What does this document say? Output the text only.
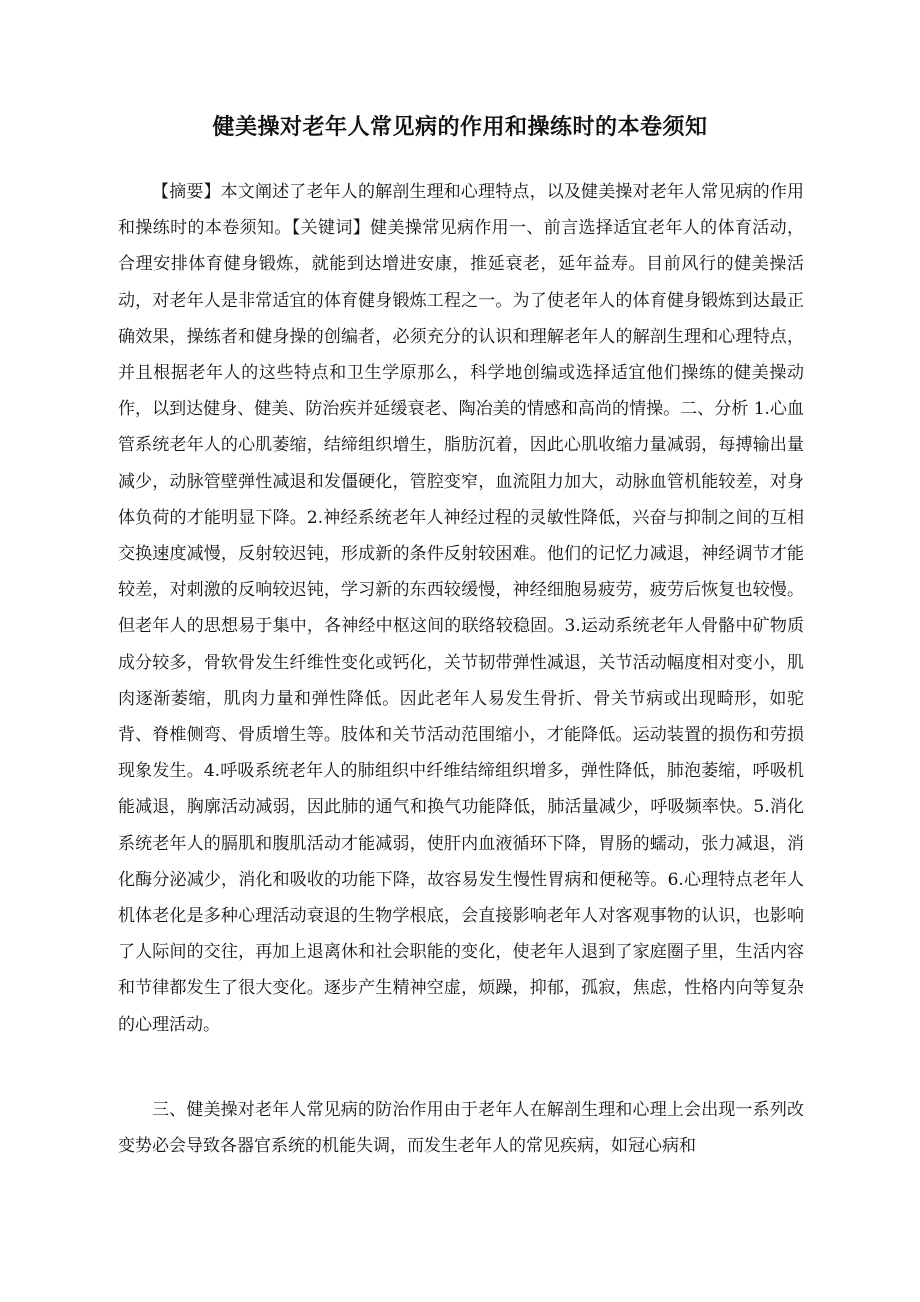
健美操对老年人常见病的作用和操练时的本卷须知

【摘要】本文阐述了老年人的解剖生理和心理特点，以及健美操对老年人常见病的作用和操练时的本卷须知。【关键词】健美操常见病作用一、前言选择适宜老年人的体育活动，合理安排体育健身锻炼，就能到达增进安康，推延衰老，延年益寿。目前风行的健美操活动，对老年人是非常适宜的体育健身锻炼工程之一。为了使老年人的体育健身锻炼到达最正确效果，操练者和健身操的创编者，必须充分的认识和理解老年人的解剖生理和心理特点，并且根据老年人的这些特点和卫生学原那么，科学地创编或选择适宜他们操练的健美操动作，以到达健身、健美、防治疾并延缓衰老、陶冶美的情感和高尚的情操。二、分析 1.心血管系统老年人的心肌萎缩，结缔组织增生，脂肪沉着，因此心肌收缩力量减弱，每搏输出量减少，动脉管壁弹性减退和发僵硬化，管腔变窄，血流阻力加大，动脉血管机能较差，对身体负荷的才能明显下降。2.神经系统老年人神经过程的灵敏性降低，兴奋与抑制之间的互相交换速度减慢，反射较迟钝，形成新的条件反射较困难。他们的记忆力减退，神经调节才能较差，对刺激的反响较迟钝，学习新的东西较缓慢，神经细胞易疲劳，疲劳后恢复也较慢。但老年人的思想易于集中，各神经中枢这间的联络较稳固。3.运动系统老年人骨骼中矿物质成分较多，骨软骨发生纤维性变化或钙化，关节韧带弹性减退，关节活动幅度相对变小，肌肉逐渐萎缩，肌肉力量和弹性降低。因此老年人易发生骨折、骨关节病或出现畸形，如驼背、脊椎侧弯、骨质增生等。肢体和关节活动范围缩小，才能降低。运动装置的损伤和劳损现象发生。4.呼吸系统老年人的肺组织中纤维结缔组织增多，弹性降低，肺泡萎缩，呼吸机能减退，胸廓活动减弱，因此肺的通气和换气功能降低，肺活量减少，呼吸频率快。5.消化系统老年人的膈肌和腹肌活动才能减弱，使肝内血液循环下降，胃肠的蠕动，张力减退，消化酶分泌减少，消化和吸收的功能下降，故容易发生慢性胃病和便秘等。6.心理特点老年人机体老化是多种心理活动衰退的生物学根底，会直接影响老年人对客观事物的认识，也影响了人际间的交往，再加上退离休和社会职能的变化，使老年人退到了家庭圈子里，生活内容和节律都发生了很大变化。逐步产生精神空虚，烦躁，抑郁，孤寂，焦虑，性格内向等复杂的心理活动。

三、健美操对老年人常见病的防治作用由于老年人在解剖生理和心理上会出现一系列改变势必会导致各器官系统的机能失调，而发生老年人的常见疾病，如冠心病和
